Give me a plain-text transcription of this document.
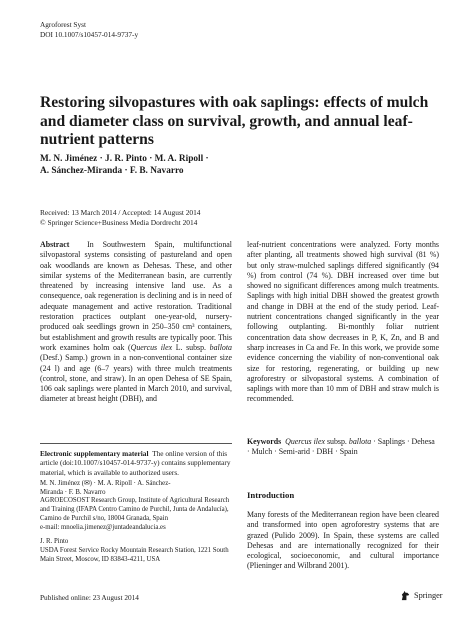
Agroforest Syst
DOI 10.1007/s10457-014-9737-y
Restoring silvopastures with oak saplings: effects of mulch and diameter class on survival, growth, and annual leaf-nutrient patterns
M. N. Jiménez · J. R. Pinto · M. A. Ripoll ·
A. Sánchez-Miranda · F. B. Navarro
Received: 13 March 2014 / Accepted: 14 August 2014
© Springer Science+Business Media Dordrecht 2014

Abstract In Southwestern Spain, multifunctional silvopastoral systems consisting of pastureland and open oak woodlands are known as Dehesas. These, and other similar systems of the Mediterranean basin, are currently threatened by increasing intensive land use. As a consequence, oak regeneration is declining and is in need of adequate management and active restoration. Traditional restoration practices outplant one-year-old, nursery-produced oak seedlings grown in 250–350 cm³ containers, but establishment and growth results are typically poor. This work examines holm oak (Quercus ilex L. subsp. ballota (Desf.) Samp.) grown in a non-conventional container size (24 l) and age (6–7 years) with three mulch treatments (control, stone, and straw). In an open Dehesa of SE Spain, 106 oak saplings were planted in March 2010, and survival, diameter at breast height (DBH), and

leaf-nutrient concentrations were analyzed. Forty months after planting, all treatments showed high survival (81 %) but only straw-mulched saplings differed significantly (94 %) from control (74 %). DBH increased over time but showed no significant differences among mulch treatments. Saplings with high initial DBH showed the greatest growth and change in DBH at the end of the study period. Leaf-nutrient concentrations changed significantly in the year following outplanting. Bi-monthly foliar nutrient concentration data show decreases in P, K, Zn, and B and sharp increases in Ca and Fe. In this work, we provide some evidence concerning the viability of non-conventional oak size for restoring, regenerating, or building up new agroforestry or silvopastoral systems. A combination of saplings with more than 10 mm of DBH and straw mulch is recommended.

Electronic supplementary material The online version of this article (doi:10.1007/s10457-014-9737-y) contains supplementary material, which is available to authorized users.

M. N. Jiménez (✉) · M. A. Ripoll · A. Sánchez-
Miranda · F. B. Navarro
AGROECOSOST Research Group, Institute of Agricultural Research and Training (IFAPA Centro Camino de Purchil, Junta de Andalucía), Camino de Purchil s/no, 18004 Granada, Spain
e-mail: mnoelia.jimenez@juntadeandalucia.es

J. R. Pinto
USDA Forest Service Rocky Mountain Research Station, 1221 South Main Street, Moscow, ID 83843-4211, USA

Keywords Quercus ilex subsp. ballota · Saplings · Dehesa · Mulch · Semi-arid · DBH · Spain
Introduction
Many forests of the Mediterranean region have been cleared and transformed into open agroforestry systems that are grazed (Pulido 2009). In Spain, these systems are called Dehesas and are internationally recognized for their ecological, socioeconomic, and cultural importance (Plieninger and Wilbrand 2001).
Published online: 23 August 2014	Springer
